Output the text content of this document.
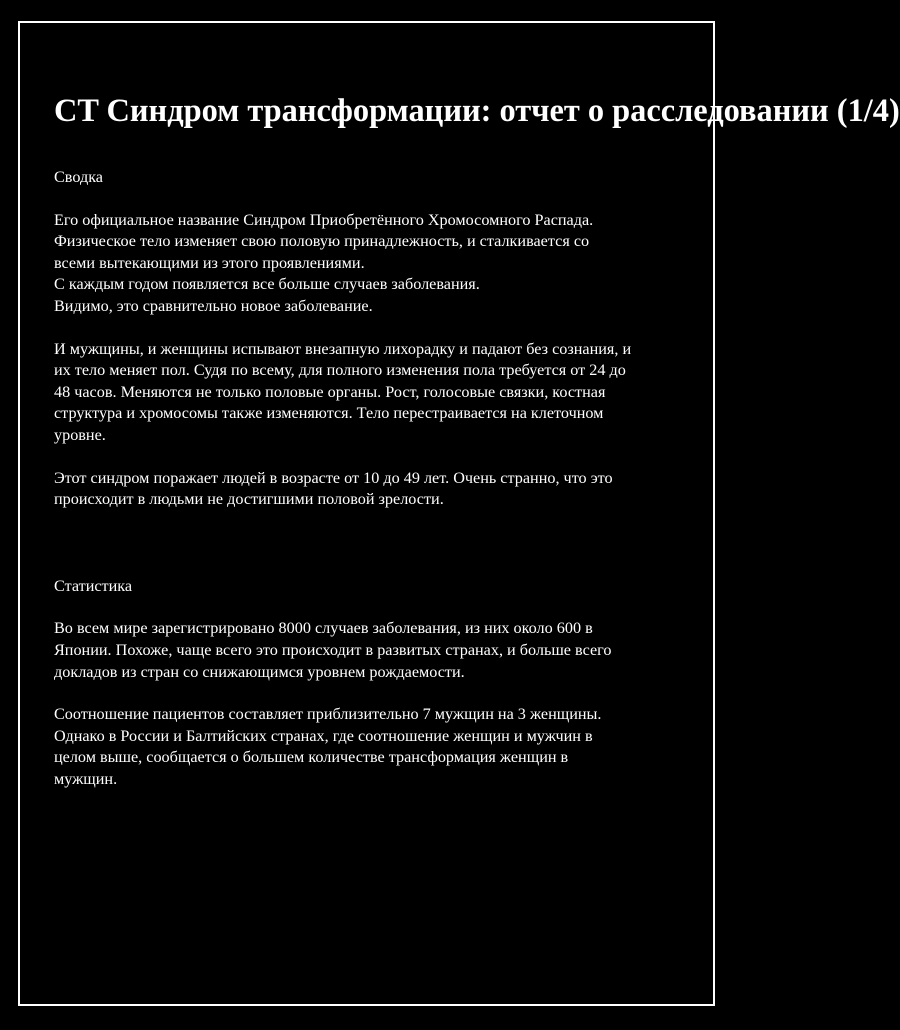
CT Синдром трансформации: отчет о расследовании (1/4)
Сводка
Его официальное название Синдром Приобретённого Хромосомного Распада.
Физическое тело изменяет свою половую принадлежность, и сталкивается со
всеми вытекающими из этого проявлениями.
С каждым годом появляется все больше случаев заболевания.
Видимо, это сравнительно новое заболевание.
И мужщины, и женщины испывают внезапную лихорадку и падают без сознания, и
их тело меняет пол. Судя по всему, для полного изменения пола требуется от 24 до
48 часов. Меняются не только половые органы. Рост, голосовые связки, костная
структура и хромосомы также изменяются. Тело перестраивается на клеточном
уровне.
Этот синдром поражает людей в возрасте от 10 до 49 лет. Очень странно, что это
происходит в людьми не достигшими половой зрелости.
Статистика
Во всем мире зарегистрировано 8000 случаев заболевания, из них около 600 в
Японии. Похоже, чаще всего это происходит в развитых странах, и больше всего
докладов из стран со снижающимся уровнем рождаемости.
Соотношение пациентов составляет приблизительно 7 мужщин на 3 женщины.
Однако в России и Балтийских странах, где соотношение женщин и мужчин в
целом выше, сообщается о большем количестве трансформация женщин в
мужщин.
